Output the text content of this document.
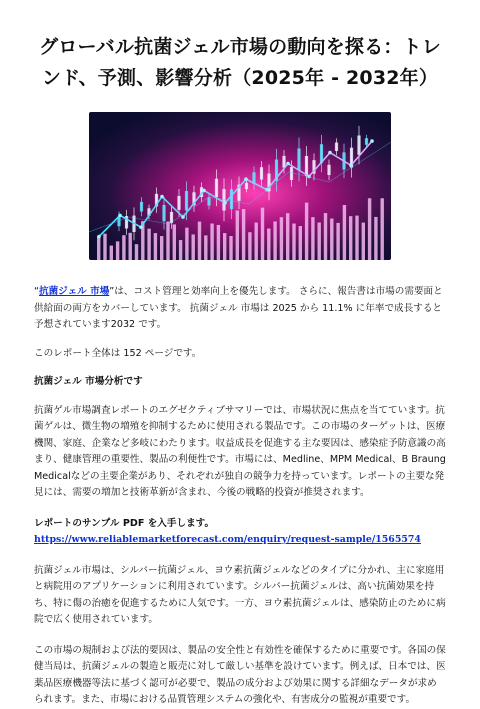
グローバル抗菌ジェル市場の動向を探る：トレンド、予測、影響分析（2025年 - 2032年）

“抗菌ジェル 市場”は、コスト管理と効率向上を優先します。 さらに、報告書は市場の需要面と供給面の両方をカバーしています。 抗菌ジェル 市場は 2025 から 11.1% に年率で成長すると予想されています2032 です。

このレポート全体は 152 ページです。

抗菌ジェル 市場分析です

抗菌ゲル市場調査レポートのエグゼクティブサマリーでは、市場状況に焦点を当てています。抗菌ゲルは、微生物の増殖を抑制するために使用される製品です。この市場のターゲットは、医療機関、家庭、企業など多岐にわたります。収益成長を促進する主な要因は、感染症予防意識の高まり、健康管理の重要性、製品の利便性です。市場には、Medline、MPM Medical、B Braung Medicalなどの主要企業があり、それぞれが独自の競争力を持っています。レポートの主要な発見には、需要の増加と技術革新が含まれ、今後の戦略的投資が推奨されます。

レポートのサンプル PDF を入手します。 https://www.reliablemarketforecast.com/enquiry/request-sample/1565574

抗菌ジェル市場は、シルバー抗菌ジェル、ヨウ素抗菌ジェルなどのタイプに分かれ、主に家庭用と病院用のアプリケーションに利用されています。シルバー抗菌ジェルは、高い抗菌効果を持ち、特に傷の治癒を促進するために人気です。一方、ヨウ素抗菌ジェルは、感染防止のために病院で広く使用されています。

この市場の規制および法的要因は、製品の安全性と有効性を確保するために重要です。各国の保健当局は、抗菌ジェルの製造と販売に対して厳しい基準を設けています。例えば、日本では、医薬品医療機器等法に基づく認可が必要で、製品の成分および効果に関する詳細なデータが求められます。また、市場における品質管理システムの強化や、有害成分の監視が重要です。
